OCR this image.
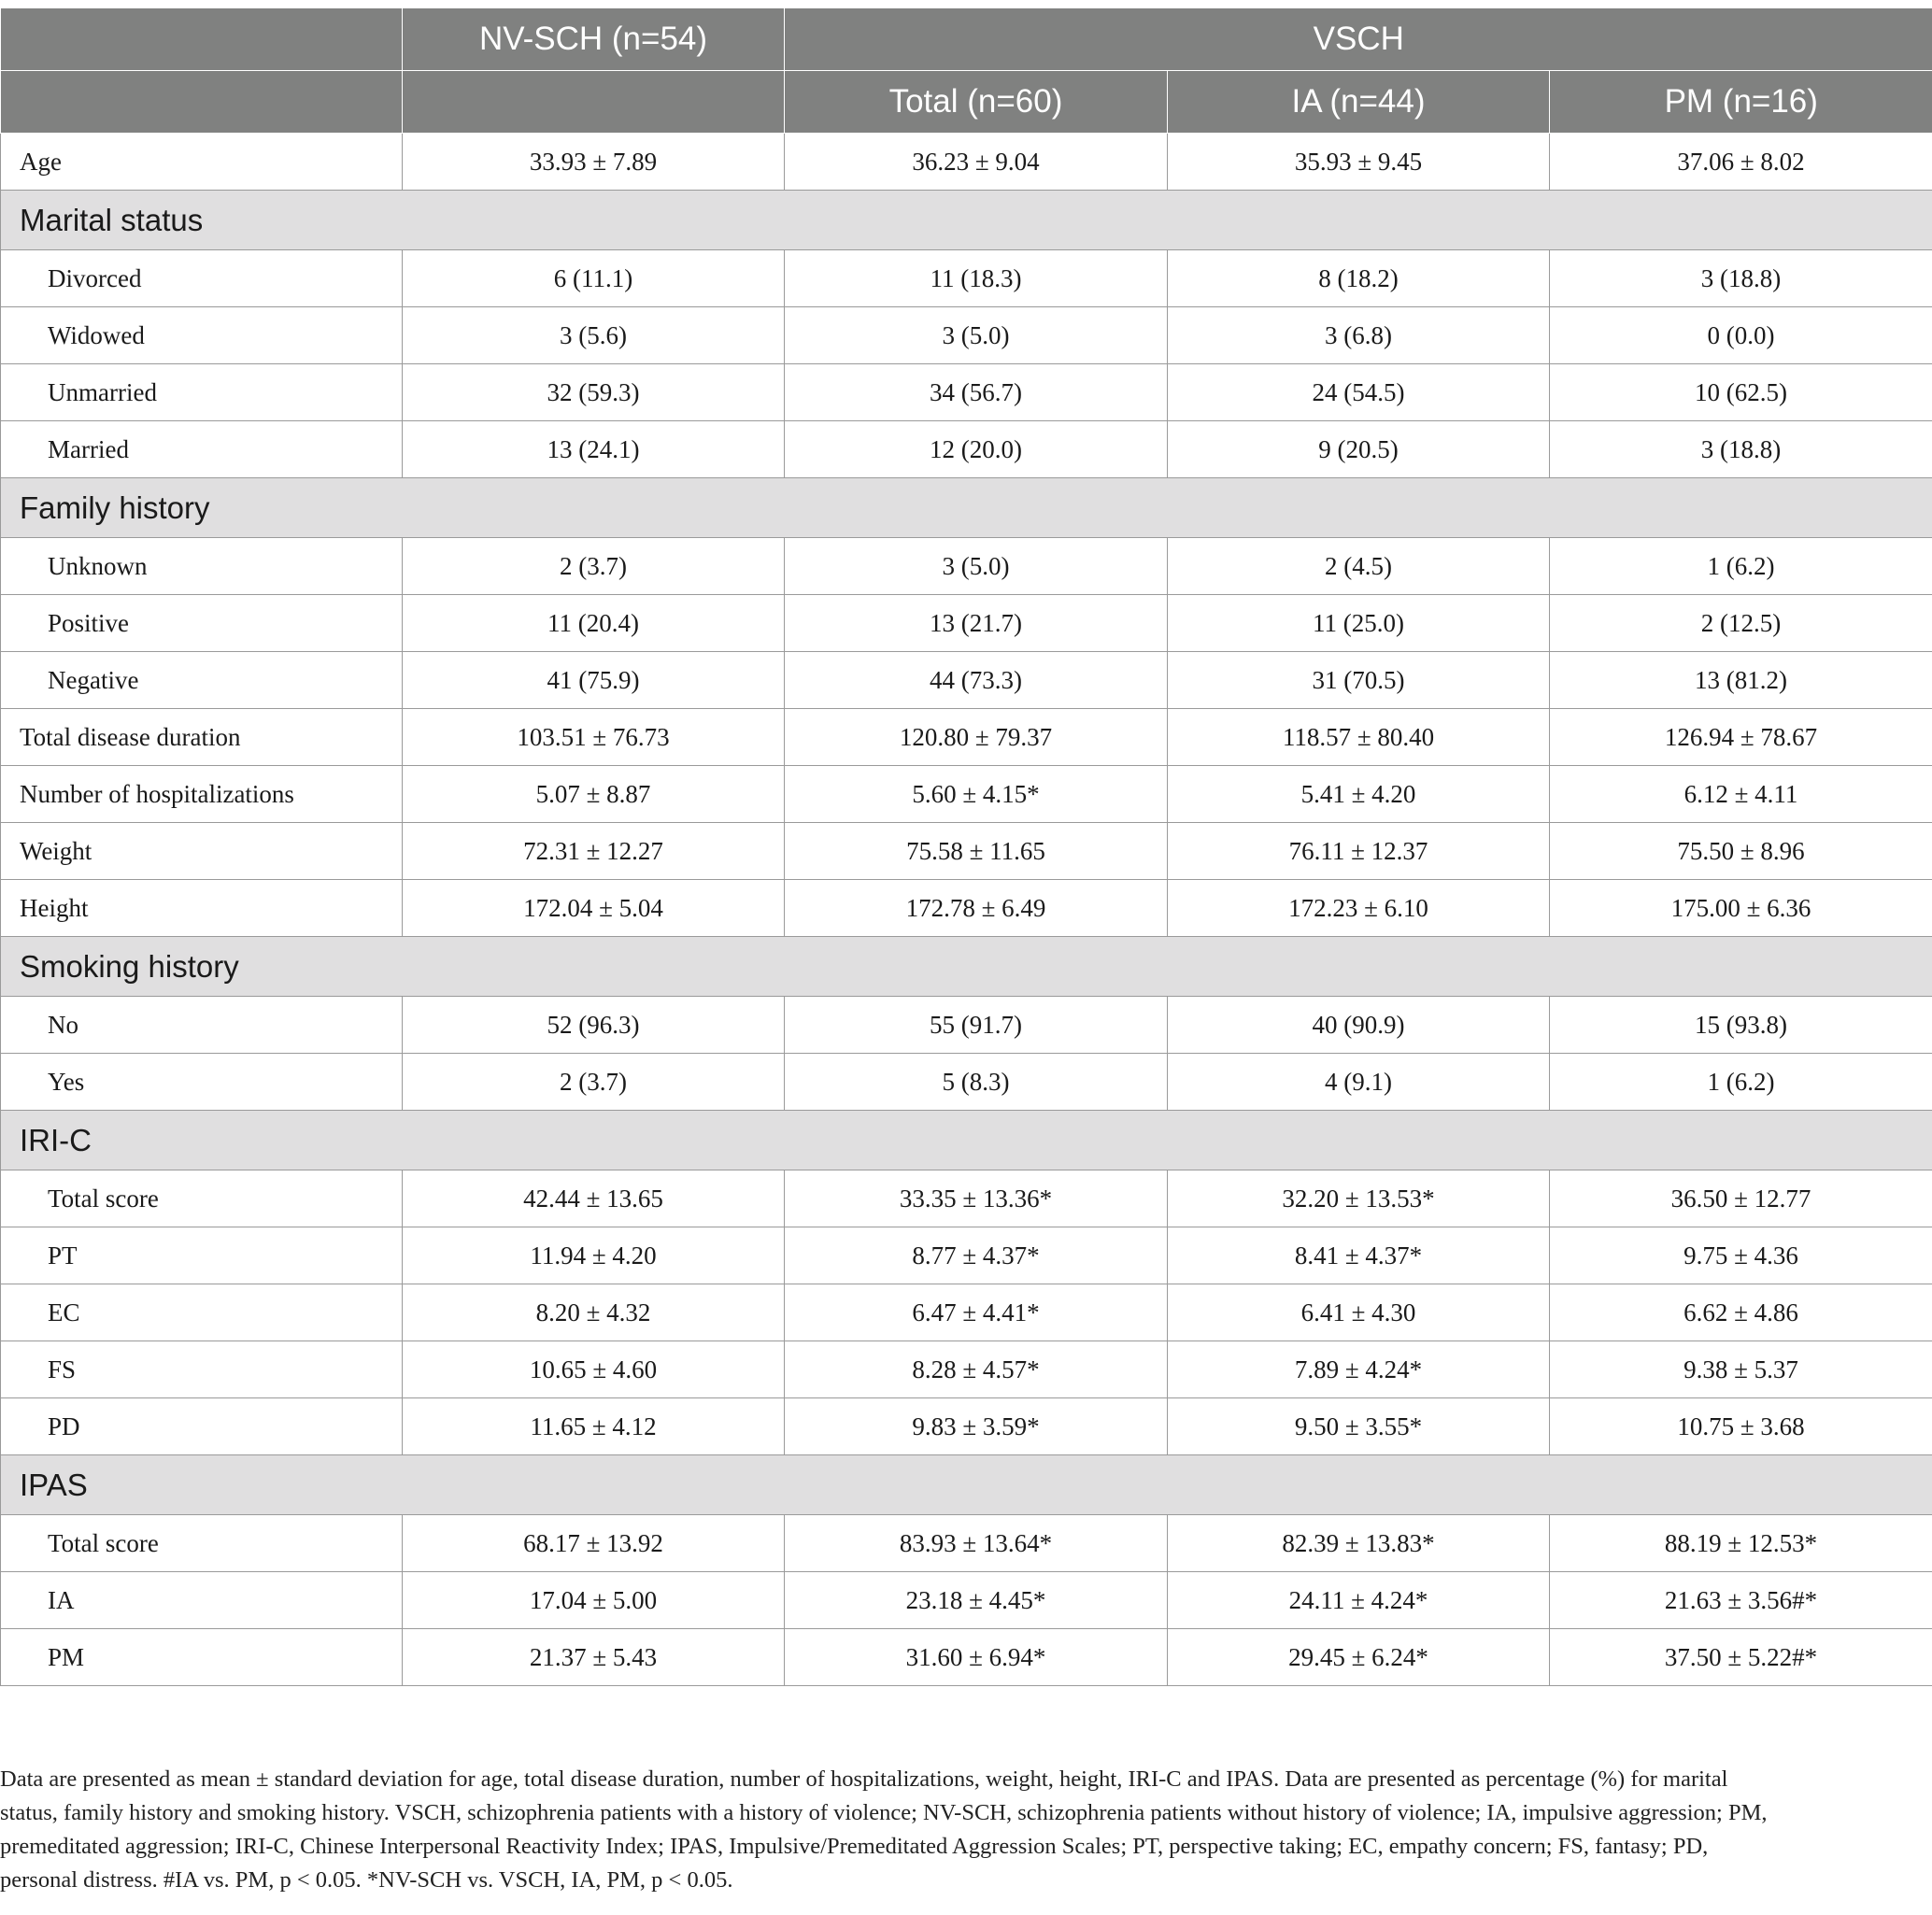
	NV-SCH (n=54)	VSCH		
		Total (n=60)	IA (n=44)	PM (n=16)
Age	33.93 ± 7.89	36.23 ± 9.04	35.93 ± 9.45	37.06 ± 8.02
Marital status				
Divorced	6 (11.1)	11 (18.3)	8 (18.2)	3 (18.8)
Widowed	3 (5.6)	3 (5.0)	3 (6.8)	0 (0.0)
Unmarried	32 (59.3)	34 (56.7)	24 (54.5)	10 (62.5)
Married	13 (24.1)	12 (20.0)	9 (20.5)	3 (18.8)
Family history				
Unknown	2 (3.7)	3 (5.0)	2 (4.5)	1 (6.2)
Positive	11 (20.4)	13 (21.7)	11 (25.0)	2 (12.5)
Negative	41 (75.9)	44 (73.3)	31 (70.5)	13 (81.2)
Total disease duration	103.51 ± 76.73	120.80 ± 79.37	118.57 ± 80.40	126.94 ± 78.67
Number of hospitalizations	5.07 ± 8.87	5.60 ± 4.15*	5.41 ± 4.20	6.12 ± 4.11
Weight	72.31 ± 12.27	75.58 ± 11.65	76.11 ± 12.37	75.50 ± 8.96
Height	172.04 ± 5.04	172.78 ± 6.49	172.23 ± 6.10	175.00 ± 6.36
Smoking history				
No	52 (96.3)	55 (91.7)	40 (90.9)	15 (93.8)
Yes	2 (3.7)	5 (8.3)	4 (9.1)	1 (6.2)
IRI-C				
Total score	42.44 ± 13.65	33.35 ± 13.36*	32.20 ± 13.53*	36.50 ± 12.77
PT	11.94 ± 4.20	8.77 ± 4.37*	8.41 ± 4.37*	9.75 ± 4.36
EC	8.20 ± 4.32	6.47 ± 4.41*	6.41 ± 4.30	6.62 ± 4.86
FS	10.65 ± 4.60	8.28 ± 4.57*	7.89 ± 4.24*	9.38 ± 5.37
PD	11.65 ± 4.12	9.83 ± 3.59*	9.50 ± 3.55*	10.75 ± 3.68
IPAS				
Total score	68.17 ± 13.92	83.93 ± 13.64*	82.39 ± 13.83*	88.19 ± 12.53*
IA	17.04 ± 5.00	23.18 ± 4.45*	24.11 ± 4.24*	21.63 ± 3.56#*
PM	21.37 ± 5.43	31.60 ± 6.94*	29.45 ± 6.24*	37.50 ± 5.22#*

Data are presented as mean ± standard deviation for age, total disease duration, number of hospitalizations, weight, height, IRI-C and IPAS. Data are presented as percentage (%) for marital

status, family history and smoking history. VSCH, schizophrenia patients with a history of violence; NV-SCH, schizophrenia patients without history of violence; IA, impulsive aggression; PM,

premeditated aggression; IRI-C, Chinese Interpersonal Reactivity Index; IPAS, Impulsive/Premeditated Aggression Scales; PT, perspective taking; EC, empathy concern; FS, fantasy; PD,

personal distress. #IA vs. PM, p < 0.05. *NV-SCH vs. VSCH, IA, PM, p < 0.05.
